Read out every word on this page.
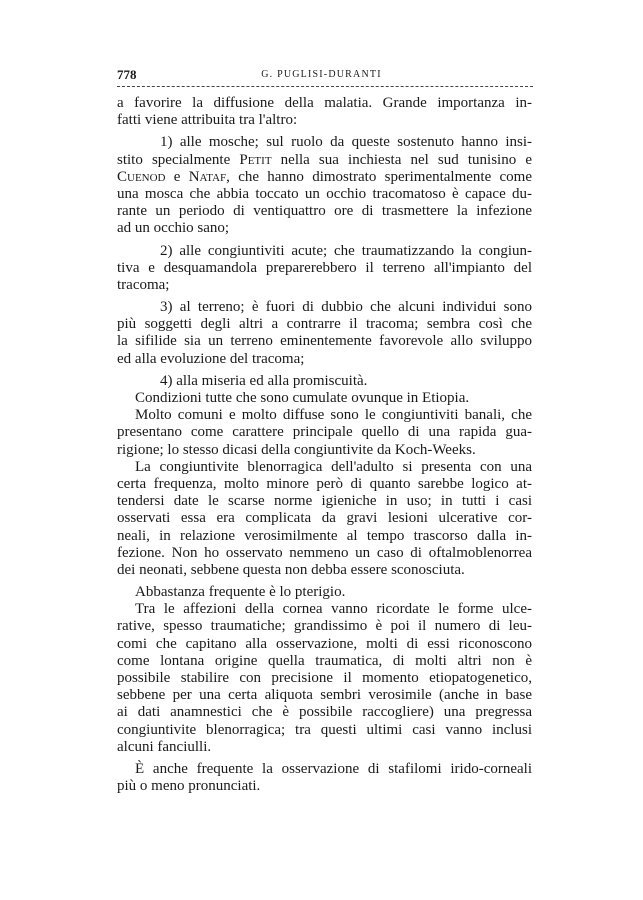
778	G. PUGLISI-DURANTI
a favorire la diffusione della malatia. Grande importanza in-
fatti viene attribuita tra l'altro:
1) alle mosche; sul ruolo da queste sostenuto hanno insi-
stito specialmente Petit nella sua inchiesta nel sud tunisino e
Cuenod e Nataf, che hanno dimostrato sperimentalmente come
una mosca che abbia toccato un occhio tracomatoso è capace du-
rante un periodo di ventiquattro ore di trasmettere la infezione
ad un occhio sano;
2) alle congiuntiviti acute; che traumatizzando la congiun-
tiva e desquamandola preparerebbero il terreno all'impianto del
tracoma;
3) al terreno; è fuori di dubbio che alcuni individui sono
più soggetti degli altri a contrarre il tracoma; sembra così che
la sifilide sia un terreno eminentemente favorevole allo sviluppo
ed alla evoluzione del tracoma;
4) alla miseria ed alla promiscuità.
Condizioni tutte che sono cumulate ovunque in Etiopia.
Molto comuni e molto diffuse sono le congiuntiviti banali, che
presentano come carattere principale quello di una rapida gua-
rigione; lo stesso dicasi della congiuntivite da Koch-Weeks.
La congiuntivite blenorragica dell'adulto si presenta con una
certa frequenza, molto minore però di quanto sarebbe logico at-
tendersi date le scarse norme igieniche in uso; in tutti i casi
osservati essa era complicata da gravi lesioni ulcerative cor-
neali, in relazione verosimilmente al tempo trascorso dalla in-
fezione. Non ho osservato nemmeno un caso di oftalmoblenorrea
dei neonati, sebbene questa non debba essere sconosciuta.
Abbastanza frequente è lo pterigio.
Tra le affezioni della cornea vanno ricordate le forme ulce-
rative, spesso traumatiche; grandissimo è poi il numero di leu-
comi che capitano alla osservazione, molti di essi riconoscono
come lontana origine quella traumatica, di molti altri non è
possibile stabilire con precisione il momento etiopatogenetico,
sebbene per una certa aliquota sembri verosimile (anche in base
ai dati anamnestici che è possibile raccogliere) una pregressa
congiuntivite blenorragica; tra questi ultimi casi vanno inclusi
alcuni fanciulli.
È anche frequente la osservazione di stafilomi irido-corneali
più o meno pronunciati.
